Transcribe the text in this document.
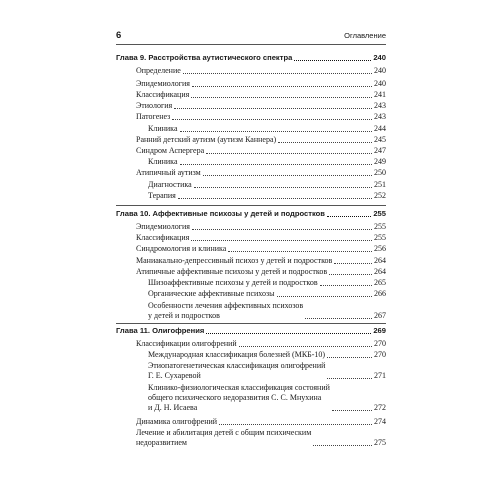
6	Оглавление
Глава 9. Расстройства аутистического спектра	240
Определение	240
Эпидемиология	240
Классификация	241
Этиология	243
Патогенез	243
Клиника	244
Ранний детский аутизм (аутизм Каннера)	245
Синдром Аспергера	247
Клиника	249
Атипичный аутизм	250
Диагностика	251
Терапия	252
Глава 10. Аффективные психозы у детей и подростков	255
Эпидемиология	255
Классификация	255
Синдромология и клиника	256
Маниакально-депрессивный психоз у детей и подростков	264
Атипичные аффективные психозы у детей и подростков	264
Шизоаффективные психозы у детей и подростков	265
Органические аффективные психозы	266
Особенности лечения аффективных психозов
у детей и подростков	267
Глава 11. Олигофрения	269
Классификации олигофрений	270
Международная классификация болезней (МКБ-10)	270
Этиопатогенетическая классификация олигофрений
Г. Е. Сухаревой	271
Клинико-физиологическая классификация состояний
общего психического недоразвития С. С. Мнухина
и Д. Н. Исаева	272
Динамика олигофрений	274
Лечение и абилитация детей с общим психическим
недоразвитием	275
